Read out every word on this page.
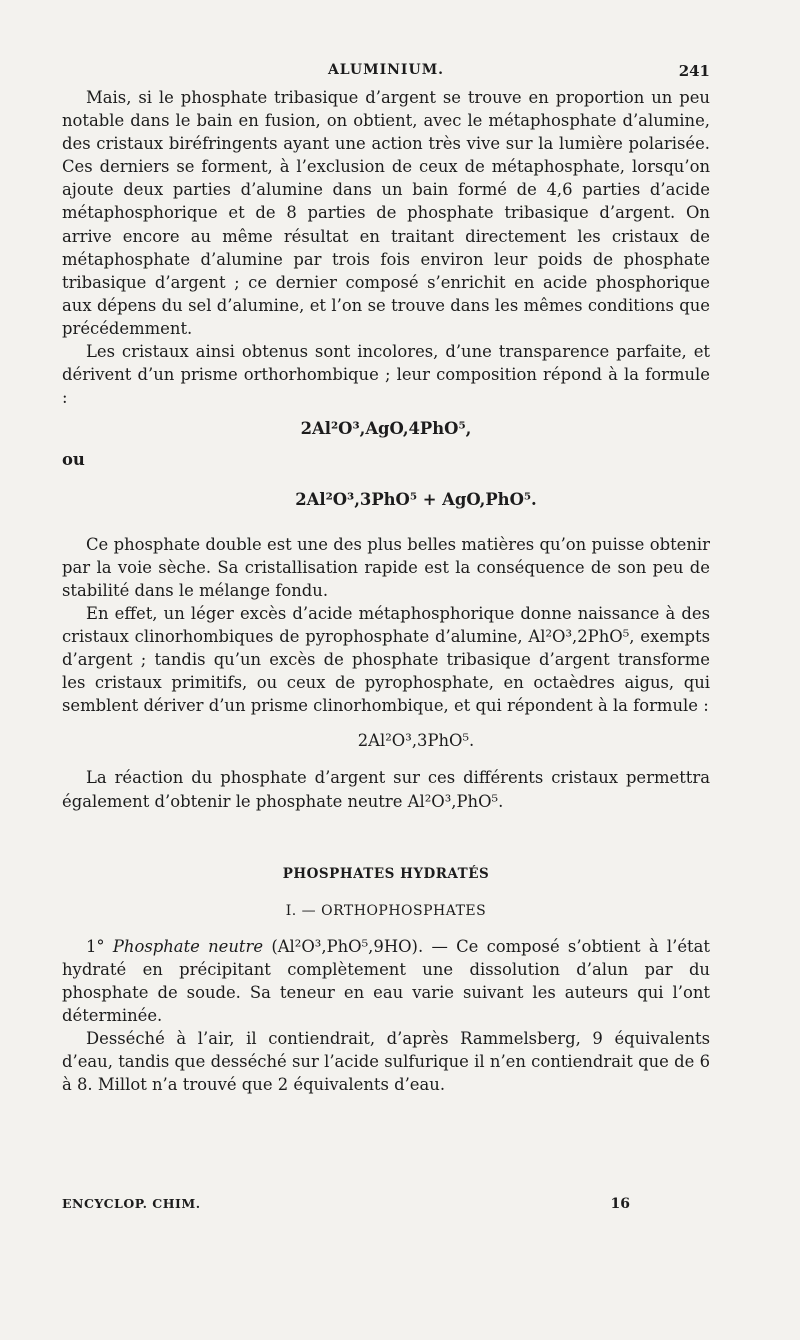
ALUMINIUM.	241

Mais, si le phosphate tribasique d’argent se trouve en proportion un peu notable dans le bain en fusion, on obtient, avec le métaphosphate d’alumine, des cristaux biréfringents ayant une action très vive sur la lumière polarisée. Ces derniers se forment, à l’exclusion de ceux de métaphosphate, lorsqu’on ajoute deux parties d’alumine dans un bain formé de 4,6 parties d’acide métaphosphorique et de 8 parties de phosphate tribasique d’argent. On arrive encore au même résultat en traitant directement les cristaux de métaphosphate d’alumine par trois fois environ leur poids de phosphate tribasique d’argent ; ce dernier composé s’enrichit en acide phosphorique aux dépens du sel d’alumine, et l’on se trouve dans les mêmes conditions que précédemment.

Les cristaux ainsi obtenus sont incolores, d’une transparence parfaite, et dérivent d’un prisme orthorhombique ; leur composition répond à la formule :

2Al²O³,AgO,4PhO⁵,
ou
2Al²O³,3PhO⁵ + AgO,PhO⁵.

Ce phosphate double est une des plus belles matières qu’on puisse obtenir par la voie sèche. Sa cristallisation rapide est la conséquence de son peu de stabilité dans le mélange fondu.

En effet, un léger excès d’acide métaphosphorique donne naissance à des cristaux clinorhombiques de pyrophosphate d’alumine, Al²O³,2PhO⁵, exempts d’argent ; tandis qu’un excès de phosphate tribasique d’argent transforme les cristaux primitifs, ou ceux de pyrophosphate, en octaèdres aigus, qui semblent dériver d’un prisme clinorhombique, et qui répondent à la formule :

2Al²O³,3PhO⁵.

La réaction du phosphate d’argent sur ces différents cristaux permettra également d’obtenir le phosphate neutre Al²O³,PhO⁵.

PHOSPHATES HYDRATÉS
I. — ORTHOPHOSPHATES

1° Phosphate neutre (Al²O³,PhO⁵,9HO). — Ce composé s’obtient à l’état hydraté en précipitant complètement une dissolution d’alun par du phosphate de soude. Sa teneur en eau varie suivant les auteurs qui l’ont déterminée.

Desséché à l’air, il contiendrait, d’après Rammelsberg, 9 équivalents d’eau, tandis que desséché sur l’acide sulfurique il n’en contiendrait que de 6 à 8. Millot n’a trouvé que 2 équivalents d’eau.

ENCYCLOP. CHIM.	16
